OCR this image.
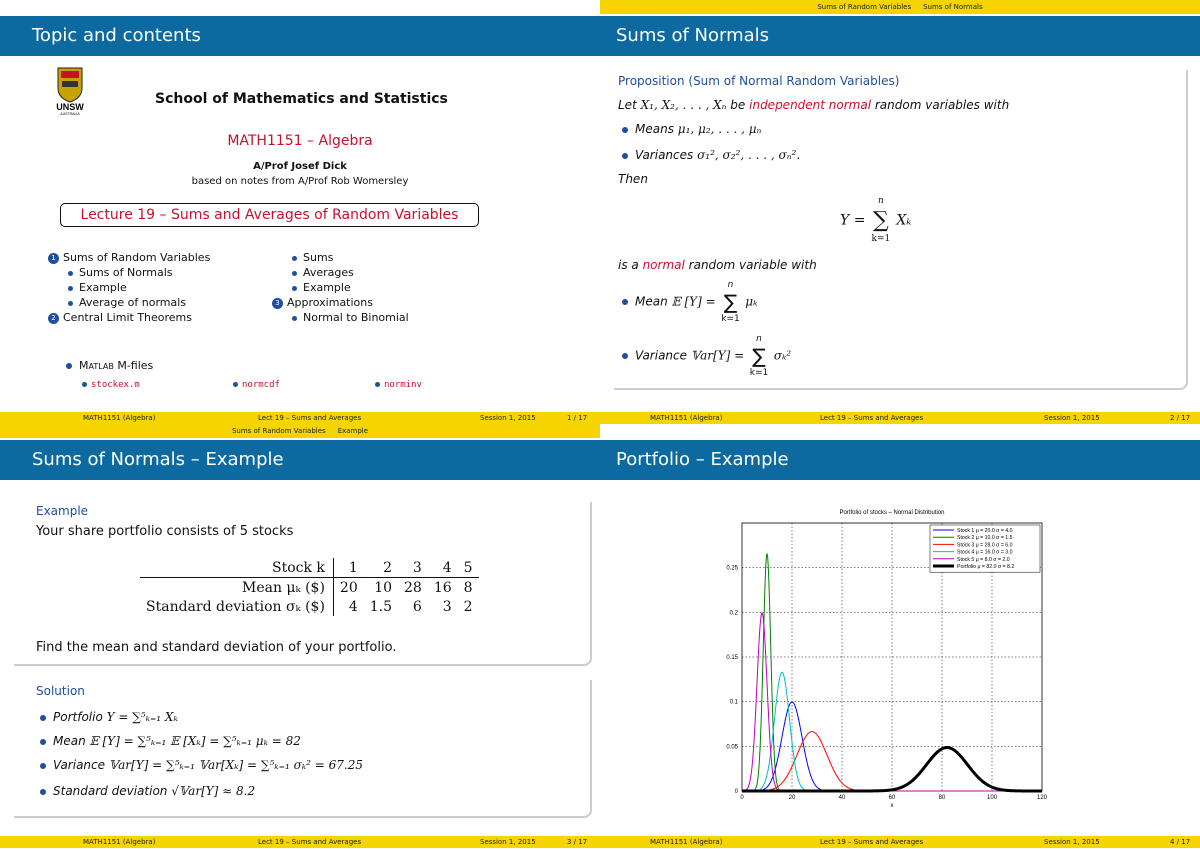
Topic and contents
UNSW
AUSTRALIA
School of Mathematics and Statistics
MATH1151 – Algebra
A/Prof Josef Dick
based on notes from A/Prof Rob Womersley
Lecture 19 – Sums and Averages of Random Variables
1 Sums of Random Variables
Sums of Normals
Example
Average of normals
2 Central Limit Theorems
Sums
Averages
Example
3 Approximations
Normal to Binomial
Matlab M-files
stockex.m	normcdf	norminv
MATH1151 (Algebra)	Lect 19 – Sums and Averages	Session 1, 2015	1 / 17
Sums of Random Variables Sums of Normals
Sums of Normals
Proposition (Sum of Normal Random Variables)
Let X₁, X₂, . . . , Xₙ be independent normal random variables with
Means μ₁, μ₂, . . . , μₙ
Variances σ₁², σ₂², . . . , σₙ².
Then
Y = ∑
n
k=1
Xₖ
is a normal random variable with
Mean 𝔼 [Y] = ∑
n
k=1
μₖ
Variance 𝕍ar[Y] = ∑
n
k=1
σₖ²
MATH1151 (Algebra)	Lect 19 – Sums and Averages	Session 1, 2015	2 / 17
Sums of Random Variables Example
Sums of Normals – Example
Example
Your share portfolio consists of 5 stocks
Stock k	1	2	3	4	5
Mean μₖ ($)	20	10	28	16	8
Standard deviation σₖ ($)	4	1.5	6	3	2
Find the mean and standard deviation of your portfolio.
Solution
Portfolio Y = ∑⁵ₖ₌₁ Xₖ
Mean 𝔼 [Y] = ∑⁵ₖ₌₁ 𝔼 [Xₖ] = ∑⁵ₖ₌₁ μₖ = 82
Variance 𝕍ar[Y] = ∑⁵ₖ₌₁ 𝕍ar[Xₖ] = ∑⁵ₖ₌₁ σₖ² = 67.25
Standard deviation √𝕍ar[Y] ≈ 8.2
MATH1151 (Algebra)	Lect 19 – Sums and Averages	Session 1, 2015	3 / 17
Portfolio – Example
MATH1151 (Algebra)	Lect 19 – Sums and Averages	Session 1, 2015	4 / 17
Portfolio of stocks – Normal Distribution
0	20	40	60	80	100	120
0
0.05
0.1
0.15
0.2
0.25
x
Stock 1 μ = 20.0 σ = 4.0
Stock 2 μ = 10.0 σ = 1.5
Stock 3 μ = 28.0 σ = 6.0
Stock 4 μ = 16.0 σ = 3.0
Stock 5 μ = 8.0 σ = 2.0
Portfolio μ = 82.0 σ = 8.2
